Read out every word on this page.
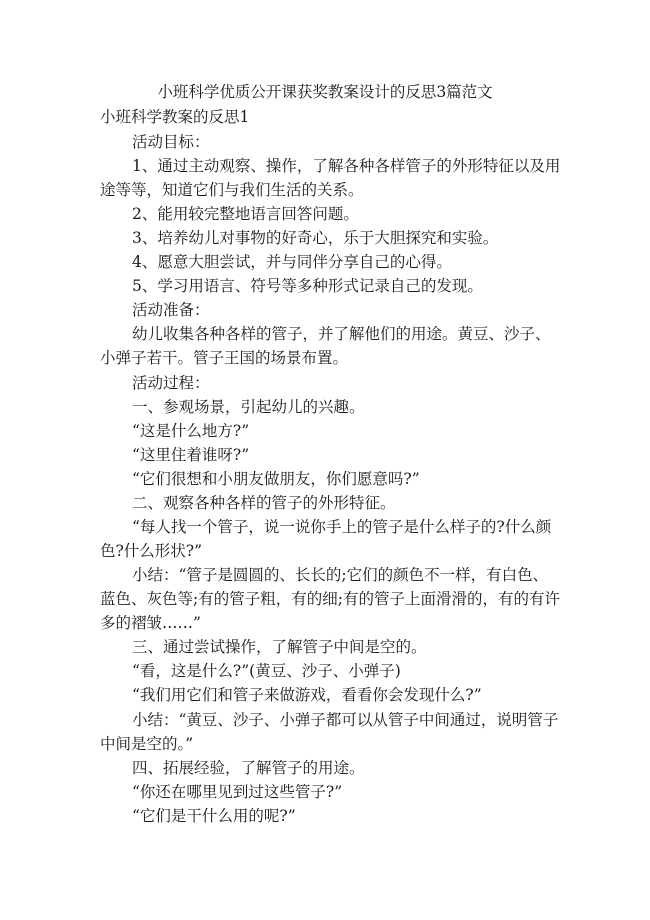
小班科学优质公开课获奖教案设计的反思3篇范文
小班科学教案的反思1
活动目标：
1、通过主动观察、操作，了解各种各样管子的外形特征以及用
途等等，知道它们与我们生活的关系。
2、能用较完整地语言回答问题。
3、培养幼儿对事物的好奇心，乐于大胆探究和实验。
4、愿意大胆尝试，并与同伴分享自己的心得。
5、学习用语言、符号等多种形式记录自己的发现。
活动准备：
幼儿收集各种各样的管子，并了解他们的用途。黄豆、沙子、
小弹子若干。管子王国的场景布置。
活动过程：
一、参观场景，引起幼儿的兴趣。
“这是什么地方?”
“这里住着谁呀?”
“它们很想和小朋友做朋友，你们愿意吗?”
二、观察各种各样的管子的外形特征。
“每人找一个管子，说一说你手上的管子是什么样子的?什么颜
色?什么形状?”
小结：“管子是圆圆的、长长的;它们的颜色不一样，有白色、
蓝色、灰色等;有的管子粗，有的细;有的管子上面滑滑的，有的有许
多的褶皱……”
三、通过尝试操作，了解管子中间是空的。
“看，这是什么?”(黄豆、沙子、小弹子)
“我们用它们和管子来做游戏，看看你会发现什么?”
小结：“黄豆、沙子、小弹子都可以从管子中间通过，说明管子
中间是空的。”
四、拓展经验，了解管子的用途。
“你还在哪里见到过这些管子?”
“它们是干什么用的呢?”
